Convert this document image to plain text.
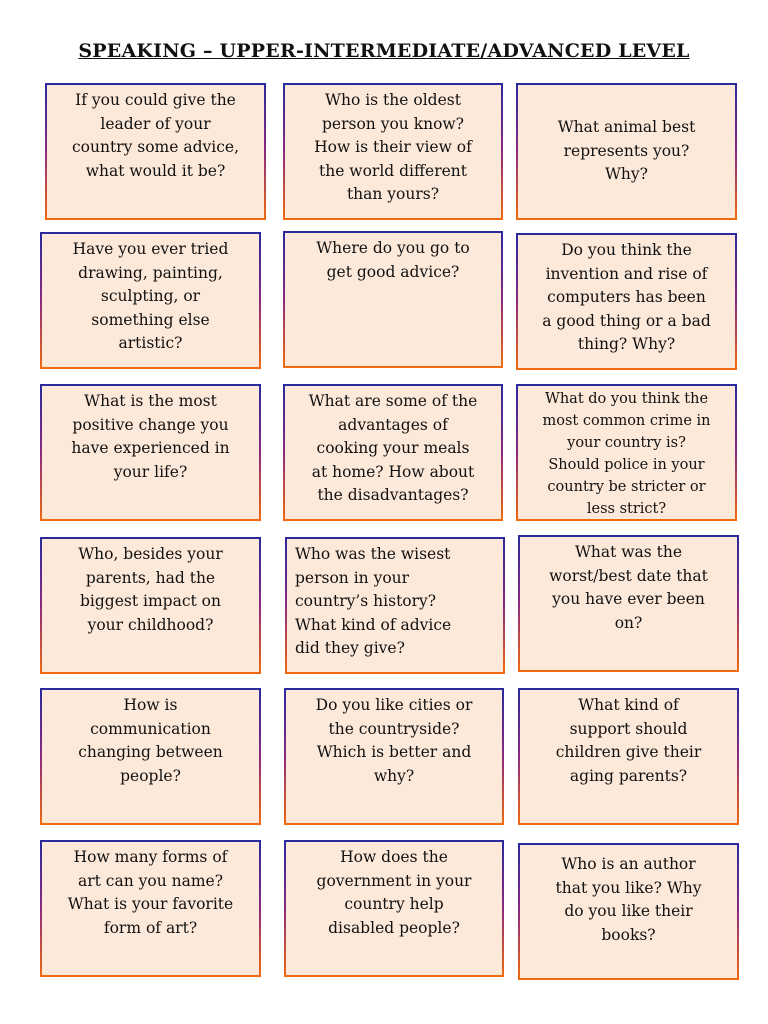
SPEAKING – UPPER-INTERMEDIATE/ADVANCED LEVEL
If you could give the
leader of your
country some advice,
what would it be?
Who is the oldest
person you know?
How is their view of
the world different
than yours?
What animal best
represents you?
Why?
Have you ever tried
drawing, painting,
sculpting, or
something else
artistic?
Where do you go to
get good advice?
Do you think the
invention and rise of
computers has been
a good thing or a bad
thing? Why?
What is the most
positive change you
have experienced in
your life?
What are some of the
advantages of
cooking your meals
at home? How about
the disadvantages?
What do you think the
most common crime in
your country is?
Should police in your
country be stricter or
less strict?
Who, besides your
parents, had the
biggest impact on
your childhood?
Who was the wisest
person in your
country’s history?
What kind of advice
did they give?
What was the
worst/best date that
you have ever been
on?
How is
communication
changing between
people?
Do you like cities or
the countryside?
Which is better and
why?
What kind of
support should
children give their
aging parents?
How many forms of
art can you name?
What is your favorite
form of art?
How does the
government in your
country help
disabled people?
Who is an author
that you like? Why
do you like their
books?
